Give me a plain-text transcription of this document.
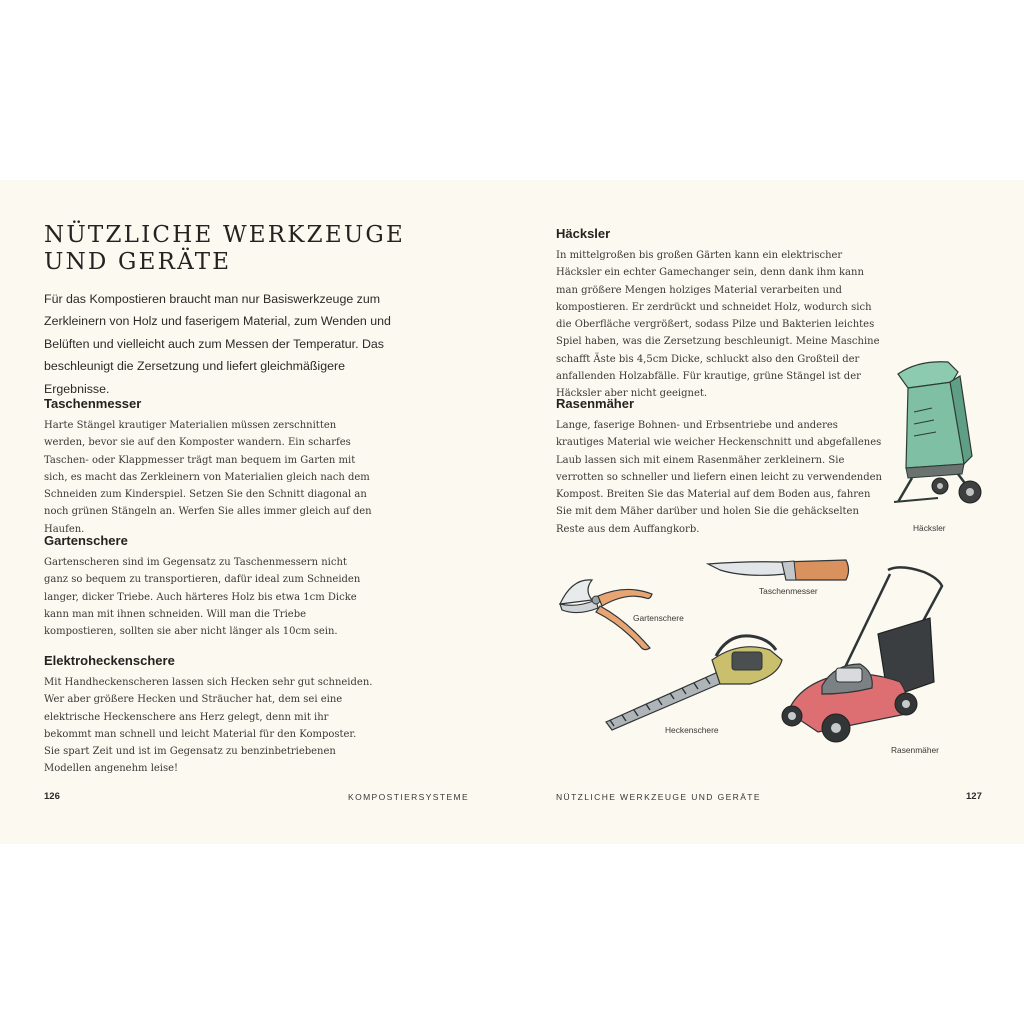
NÜTZLICHE WERKZEUGE
UND GERÄTE

Für das Kompostieren braucht man nur Basiswerkzeuge zum Zerkleinern von Holz und faserigem Material, zum Wenden und Belüften und vielleicht auch zum Messen der Temperatur. Das beschleunigt die Zersetzung und liefert gleichmäßigere Ergebnisse.

Taschenmesser

Harte Stängel krautiger Materialien müssen zerschnitten werden, bevor sie auf den Komposter wandern. Ein scharfes Taschen- oder Klappmesser trägt man bequem im Garten mit sich, es macht das Zerkleinern von Materialien gleich nach dem Schneiden zum Kinderspiel. Setzen Sie den Schnitt diagonal an noch grünen Stängeln an. Werfen Sie alles immer gleich auf den Haufen.

Gartenschere

Gartenscheren sind im Gegensatz zu Taschenmessern nicht ganz so bequem zu transportieren, dafür ideal zum Schneiden langer, dicker Triebe. Auch härteres Holz bis etwa 1cm Dicke kann man mit ihnen schneiden. Will man die Triebe kompostieren, sollten sie aber nicht länger als 10cm sein.

Elektroheckenschere

Mit Handheckenscheren lassen sich Hecken sehr gut schneiden. Wer aber größere Hecken und Sträucher hat, dem sei eine elektrische Heckenschere ans Herz gelegt, denn mit ihr bekommt man schnell und leicht Material für den Komposter. Sie spart Zeit und ist im Gegensatz zu benzinbetriebenen Modellen angenehm leise!

126	KOMPOSTIERSYSTEME
Häcksler

In mittelgroßen bis großen Gärten kann ein elektrischer Häcksler ein echter Gamechanger sein, denn dank ihm kann man größere Mengen holziges Material verarbeiten und kompostieren. Er zerdrückt und schneidet Holz, wodurch sich die Oberfläche vergrößert, sodass Pilze und Bakterien leichtes Spiel haben, was die Zersetzung beschleunigt. Meine Maschine schafft Äste bis 4,5cm Dicke, schluckt also den Großteil der anfallenden Holzabfälle. Für krautige, grüne Stängel ist der Häcksler aber nicht geeignet.

Rasenmäher

Lange, faserige Bohnen- und Erbsentriebe und anderes krautiges Material wie weicher Heckenschnitt und abgefallenes Laub lassen sich mit einem Rasenmäher zerkleinern. Sie verrotten so schneller und liefern einen leicht zu verwendenden Kompost. Breiten Sie das Material auf dem Boden aus, fahren Sie mit dem Mäher darüber und holen Sie die gehäckselten Reste aus dem Auffangkorb.	Häcksler
Taschenmesser
Gartenschere
Heckenschere
Rasenmäher
NÜTZLICHE WERKZEUGE UND GERÄTE	127
